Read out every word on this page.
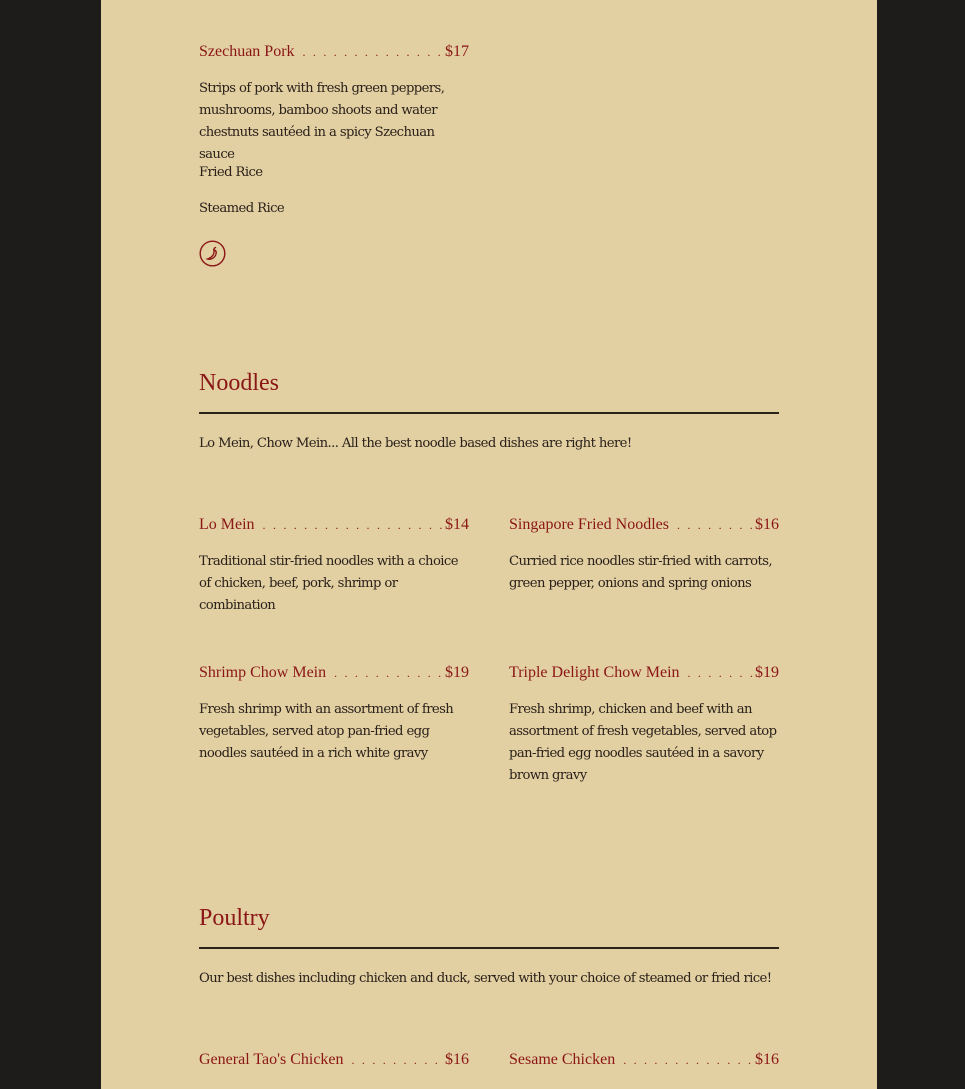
Szechuan Pork . . .	$17
Strips of pork with fresh green peppers, mushrooms, bamboo shoots and water chestnuts sautéed in a spicy Szechuan sauce
Fried Rice
Steamed Rice
Noodles
Lo Mein, Chow Mein... All the best noodle based dishes are right here!
Lo Mein . . .	$14
Traditional stir-fried noodles with a choice of chicken, beef, pork, shrimp or combination
Singapore Fried Noodles . . .	$16
Curried rice noodles stir-fried with carrots, green pepper, onions and spring onions
Shrimp Chow Mein . . .	$19
Fresh shrimp with an assortment of fresh vegetables, served atop pan-fried egg noodles sautéed in a rich white gravy
Triple Delight Chow Mein . . .	$19
Fresh shrimp, chicken and beef with an assortment of fresh vegetables, served atop pan-fried egg noodles sautéed in a savory brown gravy
Poultry
Our best dishes including chicken and duck, served with your choice of steamed or fried rice!
General Tao's Chicken . . .	$16	Sesame Chicken . . .	$16
